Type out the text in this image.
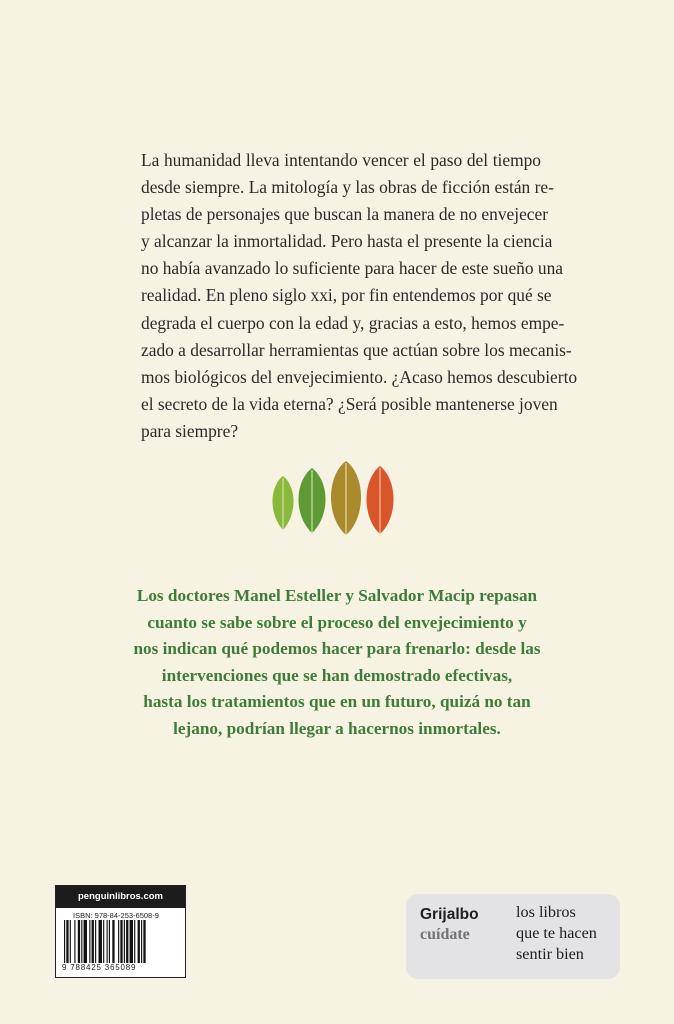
La humanidad lleva intentando vencer el paso del tiempo
desde siempre. La mitología y las obras de ficción están re-
pletas de personajes que buscan la manera de no envejecer
y alcanzar la inmortalidad. Pero hasta el presente la ciencia
no había avanzado lo suficiente para hacer de este sueño una
realidad. En pleno siglo xxi, por fin entendemos por qué se
degrada el cuerpo con la edad y, gracias a esto, hemos empe-
zado a desarrollar herramientas que actúan sobre los mecanis-
mos biológicos del envejecimiento. ¿Acaso hemos descubierto
el secreto de la vida eterna? ¿Será posible mantenerse joven
para siempre?
Los doctores Manel Esteller y Salvador Macip repasan
cuanto se sabe sobre el proceso del envejecimiento y
nos indican qué podemos hacer para frenarlo: desde las
intervenciones que se han demostrado efectivas,
hasta los tratamientos que en un futuro, quizá no tan
lejano, podrían llegar a hacernos inmortales.
penguinlibros.com
ISBN: 978-84-253-6508-9
9 788425 365089
Grijalbo
cuídate
los libros
que te hacen
sentir bien
